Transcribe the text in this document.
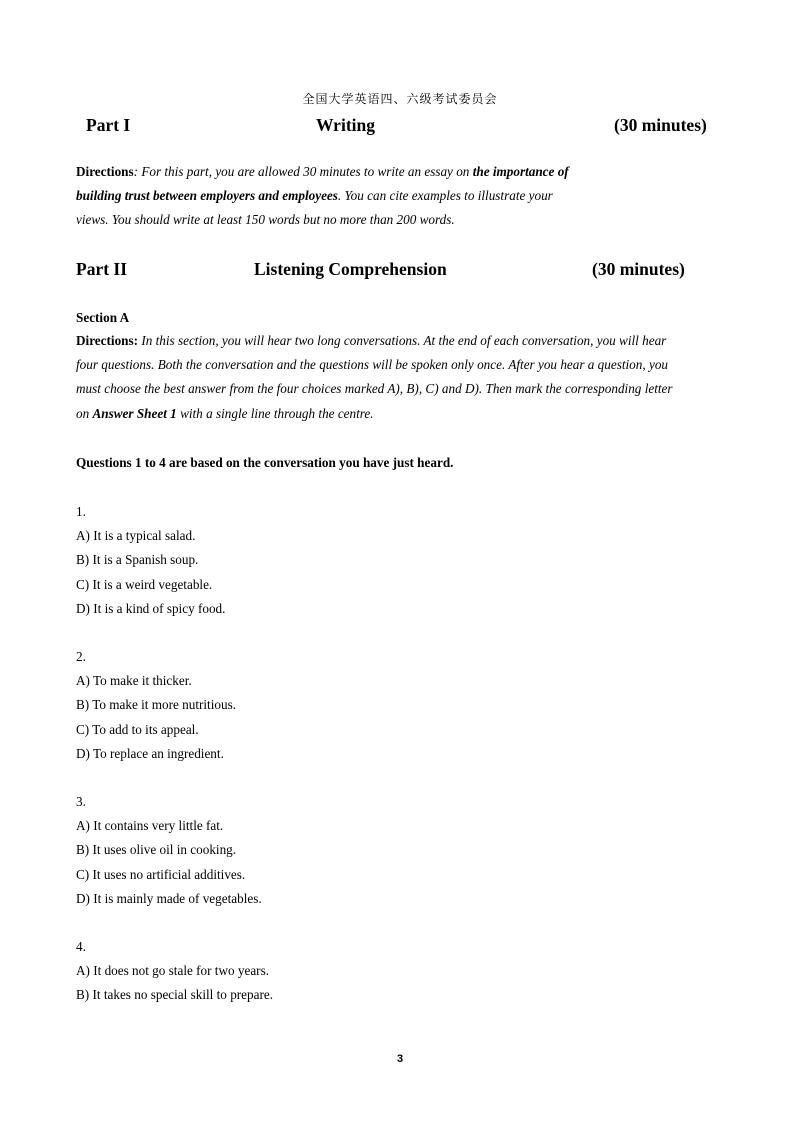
全国大学英语四、六级考试委员会
Part I	Writing	(30 minutes)

Directions: For this part, you are allowed 30 minutes to write an essay on the importance of

building trust between employers and employees. You can cite examples to illustrate your

views. You should write at least 150 words but no more than 200 words.

Part II	Listening Comprehension	(30 minutes)
Section A

Directions: In this section, you will hear two long conversations. At the end of each conversation, you will hear

four questions. Both the conversation and the questions will be spoken only once. After you hear a question, you

must choose the best answer from the four choices marked A), B), C) and D). Then mark the corresponding letter

on Answer Sheet 1 with a single line through the centre.

Questions 1 to 4 are based on the conversation you have just heard.
1.
A) It is a typical salad.
B) It is a Spanish soup.
C) It is a weird vegetable.
D) It is a kind of spicy food.
2.
A) To make it thicker.
B) To make it more nutritious.
C) To add to its appeal.
D) To replace an ingredient.
3.
A) It contains very little fat.
B) It uses olive oil in cooking.
C) It uses no artificial additives.
D) It is mainly made of vegetables.
4.
A) It does not go stale for two years.
B) It takes no special skill to prepare.
3
